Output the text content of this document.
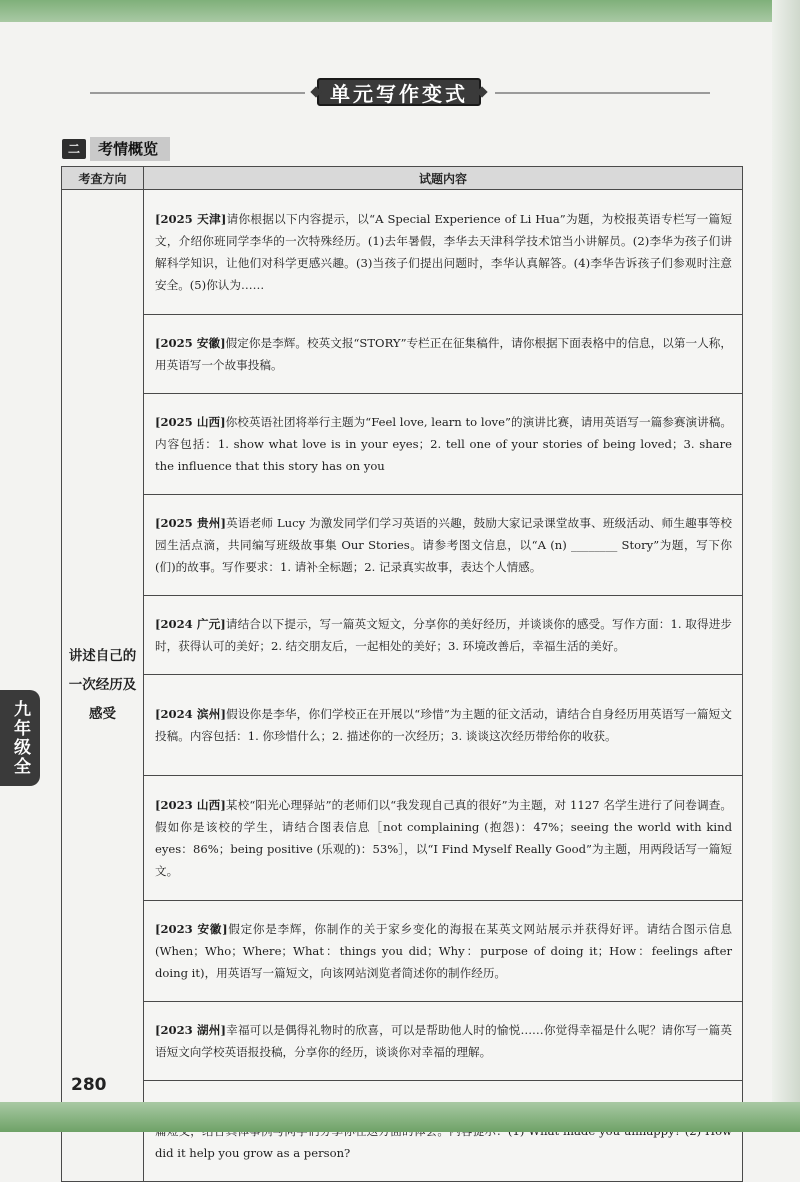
单元写作变式
二	考情概览
考查方向	试题内容
讲述自己的一次经历及感受	[2025 天津]请你根据以下内容提示，以“A Special Experience of Li Hua”为题，为校报英语专栏写一篇短文，介绍你班同学李华的一次特殊经历。(1)去年暑假，李华去天津科学技术馆当小讲解员。(2)李华为孩子们讲解科学知识，让他们对科学更感兴趣。(3)当孩子们提出问题时，李华认真解答。(4)李华告诉孩子们参观时注意安全。(5)你认为……
	[2025 安徽]假定你是李辉。校英文报“STORY”专栏正在征集稿件，请你根据下面表格中的信息，以第一人称，用英语写一个故事投稿。
	[2025 山西]你校英语社团将举行主题为“Feel love, learn to love”的演讲比赛，请用英语写一篇参赛演讲稿。内容包括：1. show what love is in your eyes；2. tell one of your stories of being loved；3. share the influence that this story has on you
	[2025 贵州]英语老师 Lucy 为激发同学们学习英语的兴趣，鼓励大家记录课堂故事、班级活动、师生趣事等校园生活点滴，共同编写班级故事集 Our Stories。请参考图文信息，以“A (n) ________ Story”为题，写下你(们)的故事。写作要求：1. 请补全标题；2. 记录真实故事，表达个人情感。
	[2024 广元]请结合以下提示，写一篇英文短文，分享你的美好经历，并谈谈你的感受。写作方面：1. 取得进步时，获得认可的美好；2. 结交朋友后，一起相处的美好；3. 环境改善后，幸福生活的美好。
	[2024 滨州]假设你是李华，你们学校正在开展以“珍惜”为主题的征文活动，请结合自身经历用英语写一篇短文投稿。内容包括：1. 你珍惜什么；2. 描述你的一次经历；3. 谈谈这次经历带给你的收获。
	[2023 山西]某校“阳光心理驿站”的老师们以“我发现自己真的很好”为主题，对 1127 名学生进行了问卷调查。假如你是该校的学生，请结合图表信息［not complaining (抱怨)：47%；seeing the world with kind eyes：86%；being positive (乐观的)：53%］，以“I Find Myself Really Good”为主题，用两段话写一篇短文。
	[2023 安徽]假定你是李辉，你制作的关于家乡变化的海报在某英文网站展示并获得好评。请结合图示信息 (When；Who；Where；What：things you did；Why：purpose of doing it；How：feelings after doing it)，用英语写一篇短文，向该网站浏览者简述你的制作经历。
	[2023 湖州]幸福可以是偶得礼物时的欣喜，可以是帮助他人时的愉悦……你觉得幸福是什么呢？请你写一篇英语短文向学校英语报投稿，分享你的经历，谈谈你对幸福的理解。
	did it help you grow as a person?
九年级全
280
